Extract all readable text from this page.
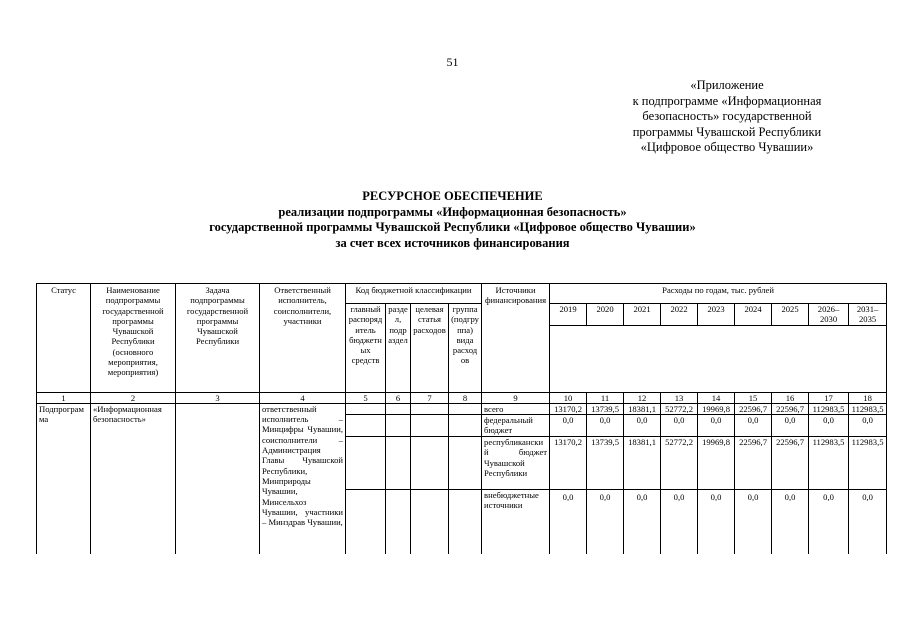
51
«Приложение
к подпрограмме «Информационная
безопасность» государственной
программы Чувашской Республики
«Цифровое общество Чувашии»
РЕСУРСНОЕ ОБЕСПЕЧЕНИЕ
реализации подпрограммы «Информационная безопасность»
государственной программы Чувашской Республики «Цифровое общество Чувашии»
за счет всех источников финансирования
Статус	Наименование подпрограммы государственной программы Чувашской Республики (основного мероприятия, мероприятия)	Задача подпрограммы государственной программы Чувашской Республики	Ответственный исполнитель, соисполнители, участники	Код бюджетной классификации				Источники финансирования	Расходы по годам, тыс. рублей								
				главный распорядитель бюджетных средств	раздел, подраздел	целевая статья расходов	группа (подгруппа) вида расходов		2019	2020	2021	2022	2023	2024	2025	2026–2030	2031–2035

1	2	3	4	5	6	7	8	9	10	11	12	13	14	15	16	17	18
Подпрограмма	«Информационная безопасность»		ответственный исполнитель – Минцифры Чувашии, соисполнители – Администрация Главы Чувашской Республики, Минприроды Чувашии, Минсельхоз Чувашии, участники – Минздрав Чувашии,					всего	13170,2	13739,5	18381,1	52772,2	19969,8	22596,7	22596,7	112983,5	112983,5
								федеральный бюджет	0,0	0,0	0,0	0,0	0,0	0,0	0,0	0,0	0,0
								республиканский бюджет Чувашской Республики	13170,2	13739,5	18381,1	52772,2	19969,8	22596,7	22596,7	112983,5	112983,5
								внебюджетные источники	0,0	0,0	0,0	0,0	0,0	0,0	0,0	0,0	0,0
